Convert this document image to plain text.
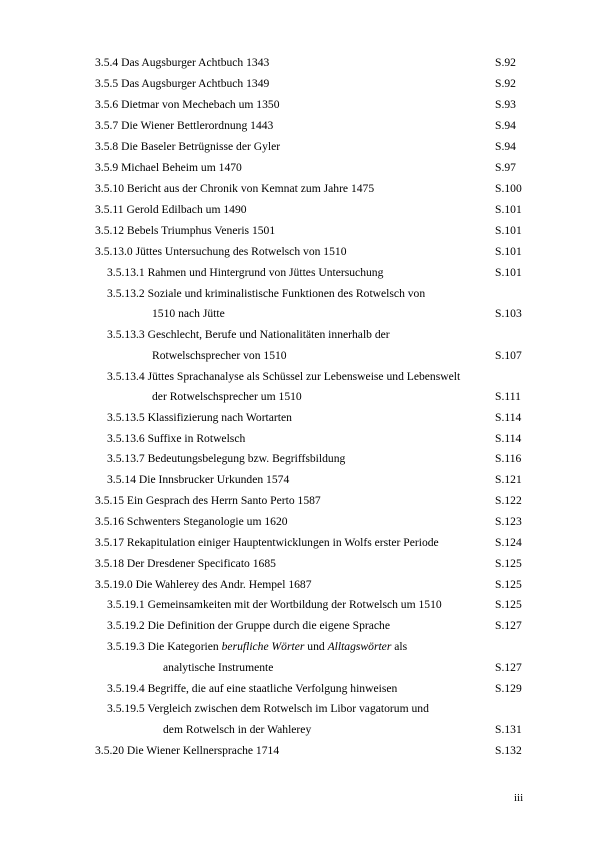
3.5.4 Das Augsburger Achtbuch 1343	S.92
3.5.5 Das Augsburger Achtbuch 1349	S.92
3.5.6 Dietmar von Mechebach um 1350	S.93
3.5.7 Die Wiener Bettlerordnung 1443	S.94
3.5.8 Die Baseler Betrügnisse der Gyler	S.94
3.5.9 Michael Beheim um 1470	S.97
3.5.10 Bericht aus der Chronik von Kemnat zum Jahre 1475	S.100
3.5.11 Gerold Edilbach um 1490	S.101
3.5.12 Bebels Triumphus Veneris 1501	S.101
3.5.13.0 Jüttes Untersuchung des Rotwelsch von 1510	S.101
3.5.13.1 Rahmen und Hintergrund von Jüttes Untersuchung	S.101
3.5.13.2 Soziale und kriminalistische Funktionen des Rotwelsch von
1510 nach Jütte	S.103
3.5.13.3 Geschlecht, Berufe und Nationalitäten innerhalb der
Rotwelschsprecher von 1510	S.107
3.5.13.4 Jüttes Sprachanalyse als Schüssel zur Lebensweise und Lebenswelt
der Rotwelschsprecher um 1510	S.111
3.5.13.5 Klassifizierung nach Wortarten	S.114
3.5.13.6 Suffixe in Rotwelsch	S.114
3.5.13.7 Bedeutungsbelegung bzw. Begriffsbildung	S.116
3.5.14 Die Innsbrucker Urkunden 1574	S.121
3.5.15 Ein Gesprach des Herrn Santo Perto 1587	S.122
3.5.16 Schwenters Steganologie um 1620	S.123
3.5.17 Rekapitulation einiger Hauptentwicklungen in Wolfs erster Periode	S.124
3.5.18 Der Dresdener Specificato 1685	S.125
3.5.19.0 Die Wahlerey des Andr. Hempel 1687	S.125
3.5.19.1 Gemeinsamkeiten mit der Wortbildung der Rotwelsch um 1510	S.125
3.5.19.2 Die Definition der Gruppe durch die eigene Sprache	S.127
3.5.19.3 Die Kategorien berufliche Wörter und Alltagswörter als
analytische Instrumente	S.127
3.5.19.4 Begriffe, die auf eine staatliche Verfolgung hinweisen	S.129
3.5.19.5 Vergleich zwischen dem Rotwelsch im Libor vagatorum und
dem Rotwelsch in der Wahlerey	S.131
3.5.20 Die Wiener Kellnersprache 1714	S.132
iii
